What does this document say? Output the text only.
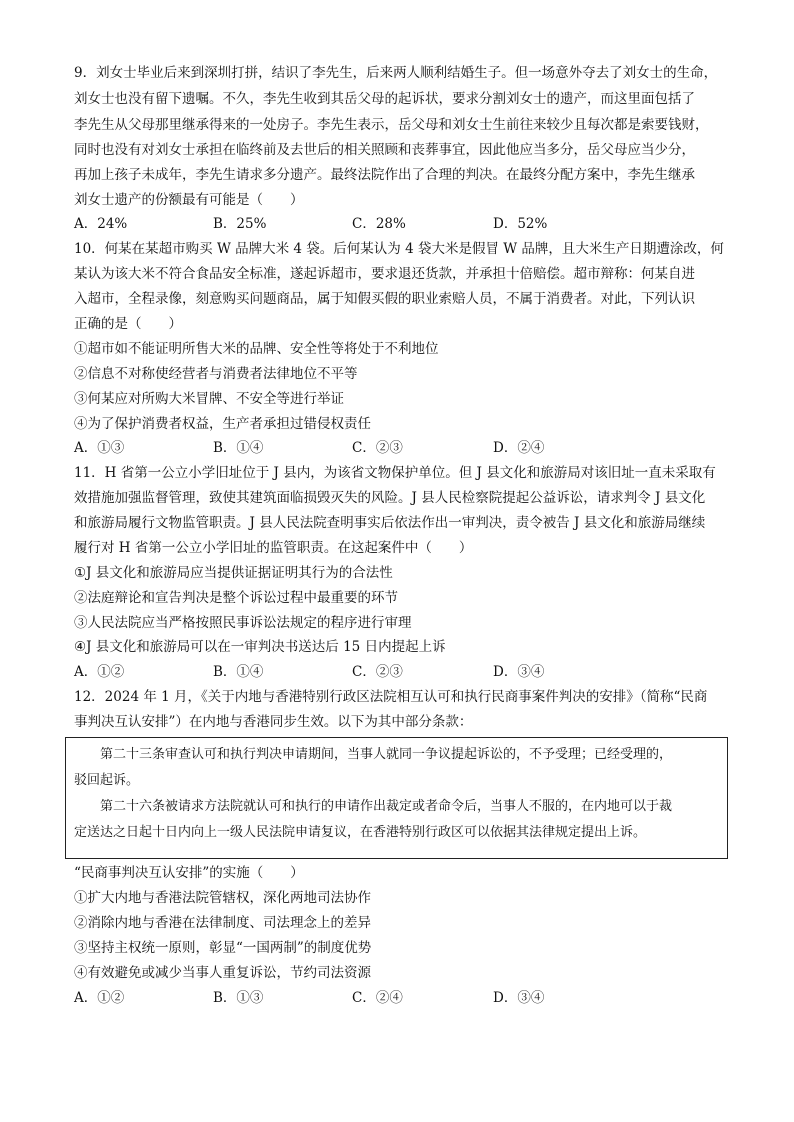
9．刘女士毕业后来到深圳打拼，结识了李先生，后来两人顺利结婚生子。但一场意外夺去了刘女士的生命，
刘女士也没有留下遗嘱。不久，李先生收到其岳父母的起诉状，要求分割刘女士的遗产，而这里面包括了
李先生从父母那里继承得来的一处房子。李先生表示，岳父母和刘女士生前往来较少且每次都是索要钱财，
同时也没有对刘女士承担在临终前及去世后的相关照顾和丧葬事宜，因此他应当多分，岳父母应当少分，
再加上孩子未成年，李先生请求多分遗产。最终法院作出了合理的判决。在最终分配方案中，李先生继承
刘女士遗产的份额最有可能是（　　）
A．24%	B．25%	C．28%	D．52%
10．何某在某超市购买 W 品牌大米 4 袋。后何某认为 4 袋大米是假冒 W 品牌，且大米生产日期遭涂改，何
某认为该大米不符合食品安全标准，遂起诉超市，要求退还货款，并承担十倍赔偿。超市辩称：何某自进
入超市，全程录像，刻意购买问题商品，属于知假买假的职业索赔人员，不属于消费者。对此，下列认识
正确的是（　　）
①超市如不能证明所售大米的品牌、安全性等将处于不利地位
②信息不对称使经营者与消费者法律地位不平等
③何某应对所购大米冒牌、不安全等进行举证
④为了保护消费者权益，生产者承担过错侵权责任
A．①③	B．①④	C．②③	D．②④
11．H 省第一公立小学旧址位于 J 县内，为该省文物保护单位。但 J 县文化和旅游局对该旧址一直未采取有
效措施加强监督管理，致使其建筑面临损毁灭失的风险。J 县人民检察院提起公益诉讼，请求判令 J 县文化
和旅游局履行文物监管职责。J 县人民法院查明事实后依法作出一审判决，责令被告 J 县文化和旅游局继续
履行对 H 省第一公立小学旧址的监管职责。在这起案件中（　　）
①J 县文化和旅游局应当提供证据证明其行为的合法性
②法庭辩论和宣告判决是整个诉讼过程中最重要的环节
③人民法院应当严格按照民事诉讼法规定的程序进行审理
④J 县文化和旅游局可以在一审判决书送达后 15 日内提起上诉
A．①②	B．①④	C．②③	D．③④
12．2024 年 1 月，《关于内地与香港特别行政区法院相互认可和执行民商事案件判决的安排》（简称“民商
事判决互认安排”）在内地与香港同步生效。以下为其中部分条款：
　　第二十三条审查认可和执行判决申请期间，当事人就同一争议提起诉讼的，不予受理；已经受理的，
驳回起诉。
　　第二十六条被请求方法院就认可和执行的申请作出裁定或者命令后，当事人不服的，在内地可以于裁
定送达之日起十日内向上一级人民法院申请复议，在香港特别行政区可以依据其法律规定提出上诉。
“民商事判决互认安排”的实施（　　）
①扩大内地与香港法院管辖权，深化两地司法协作
②消除内地与香港在法律制度、司法理念上的差异
③坚持主权统一原则，彰显“一国两制”的制度优势
④有效避免或减少当事人重复诉讼，节约司法资源
A．①②	B．①③	C．②④	D．③④
